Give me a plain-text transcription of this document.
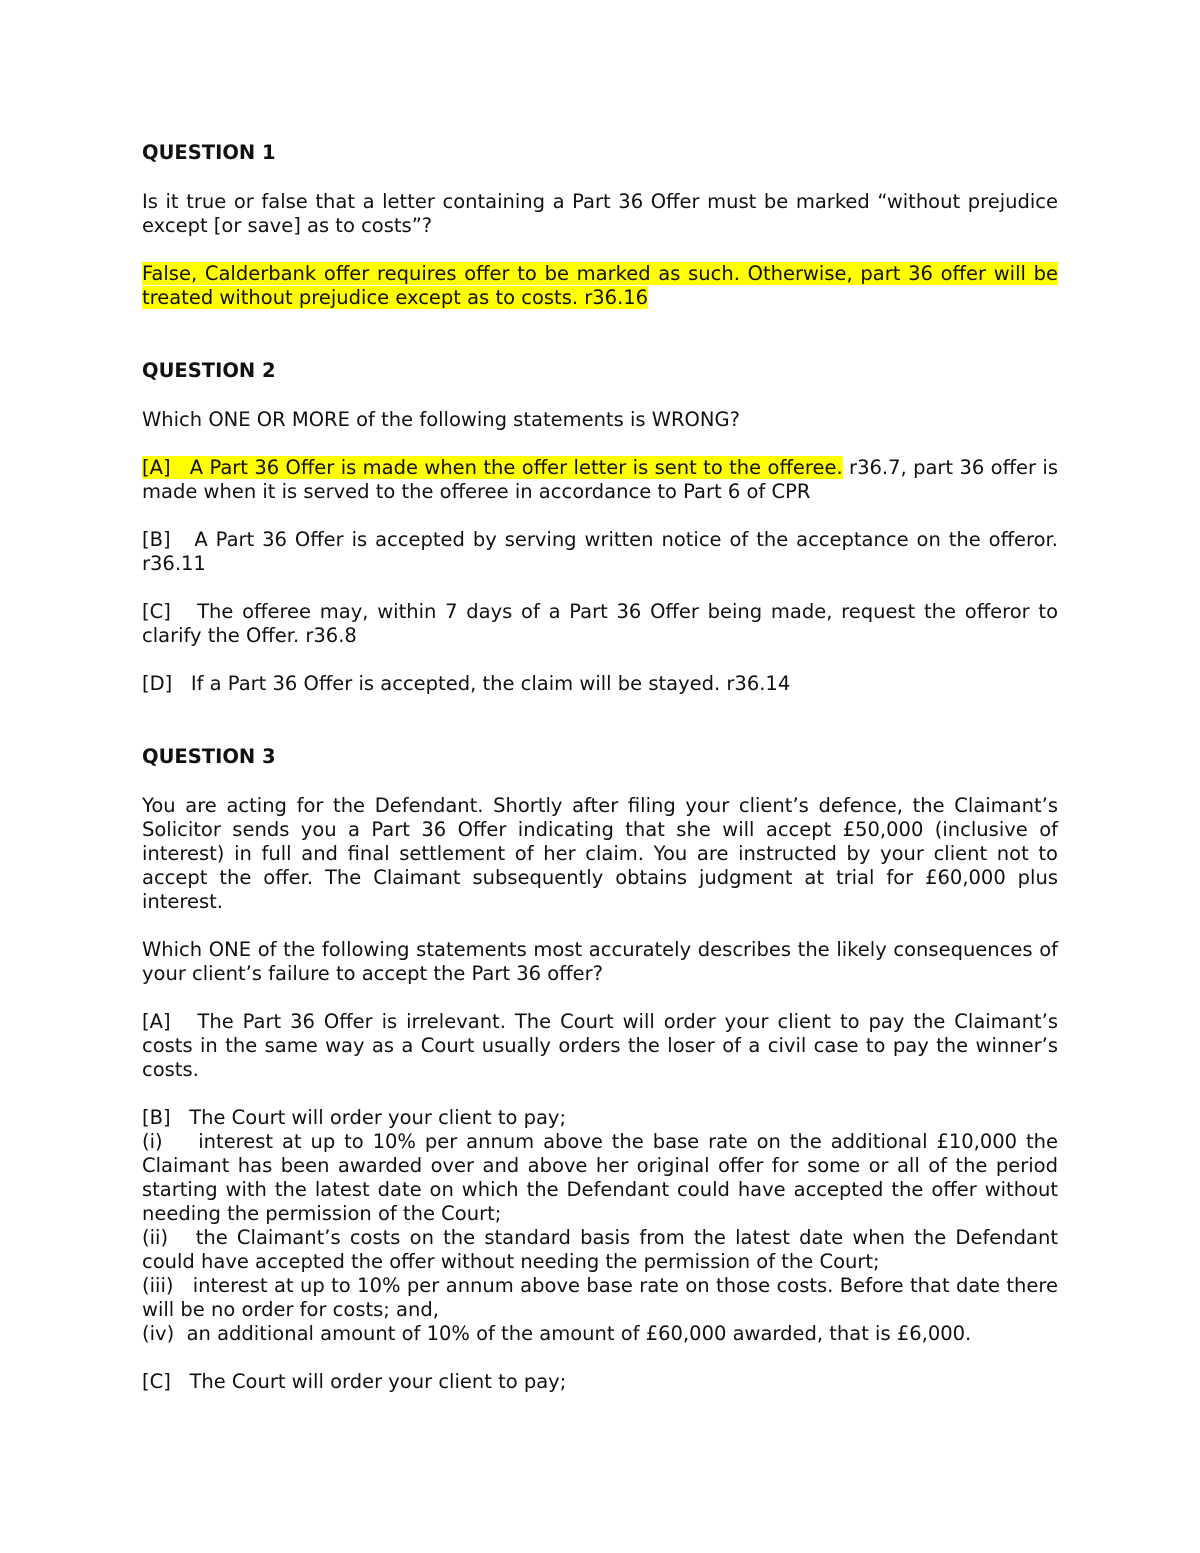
QUESTION 1

Is it true or false that a letter containing a Part 36 Offer must be marked “without prejudice except [or save] as to costs”?

False, Calderbank offer requires offer to be marked as such. Otherwise, part 36 offer will be treated without prejudice except as to costs. r36.16

QUESTION 2

Which ONE OR MORE of the following statements is WRONG?

[A] A Part 36 Offer is made when the offer letter is sent to the offeree. r36.7, part 36 offer is made when it is served to the offeree in accordance to Part 6 of CPR

[B] A Part 36 Offer is accepted by serving written notice of the acceptance on the offeror. r36.11

[C] The offeree may, within 7 days of a Part 36 Offer being made, request the offeror to clarify the Offer. r36.8

[D] If a Part 36 Offer is accepted, the claim will be stayed. r36.14

QUESTION 3

You are acting for the Defendant. Shortly after filing your client’s defence, the Claimant’s Solicitor sends you a Part 36 Offer indicating that she will accept £50,000 (inclusive of interest) in full and final settlement of her claim. You are instructed by your client not to accept the offer. The Claimant subsequently obtains judgment at trial for £60,000 plus interest.

Which ONE of the following statements most accurately describes the likely consequences of your client’s failure to accept the Part 36 offer?

[A] The Part 36 Offer is irrelevant. The Court will order your client to pay the Claimant’s costs in the same way as a Court usually orders the loser of a civil case to pay the winner’s costs.

[B] The Court will order your client to pay;

(i) interest at up to 10% per annum above the base rate on the additional £10,000 the Claimant has been awarded over and above her original offer for some or all of the period starting with the latest date on which the Defendant could have accepted the offer without needing the permission of the Court;

(ii) the Claimant’s costs on the standard basis from the latest date when the Defendant could have accepted the offer without needing the permission of the Court;

(iii) interest at up to 10% per annum above base rate on those costs. Before that date there will be no order for costs; and,

(iv) an additional amount of 10% of the amount of £60,000 awarded, that is £6,000.

[C] The Court will order your client to pay;
